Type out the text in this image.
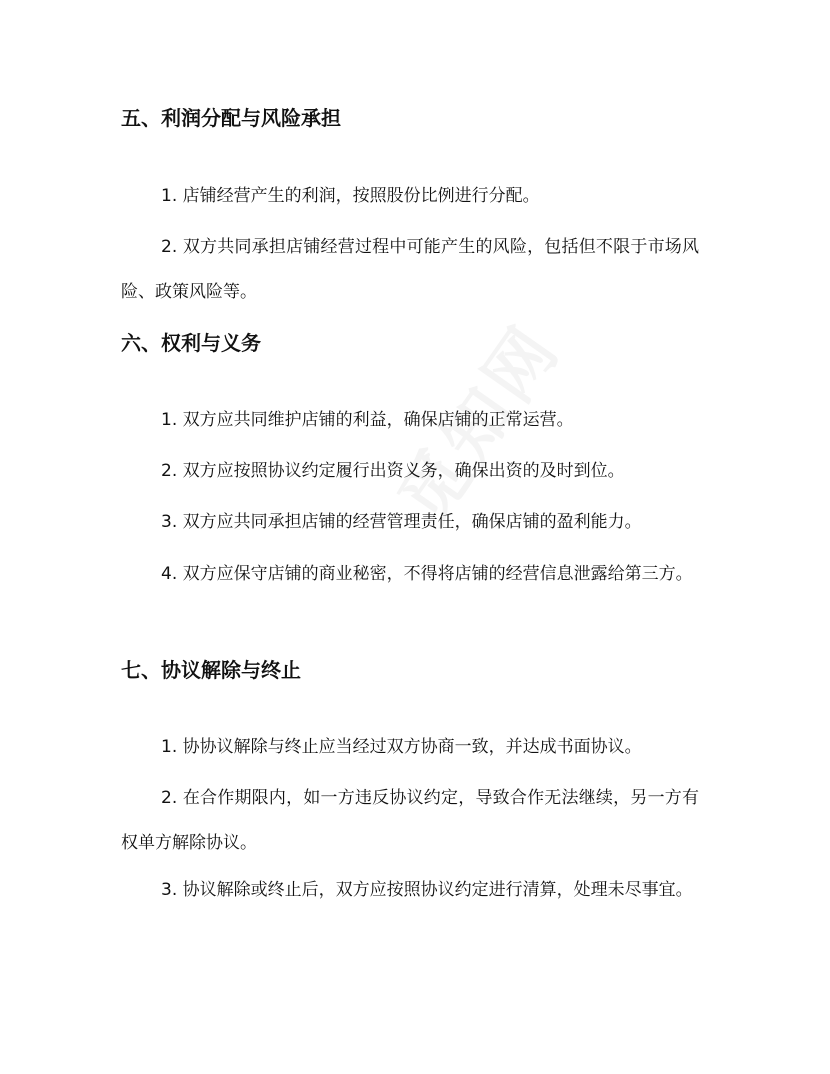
五、利润分配与风险承担

1. 店铺经营产生的利润，按照股份比例进行分配。

2. 双方共同承担店铺经营过程中可能产生的风险，包括但不限于市场风险、政策风险等。

六、权利与义务

1. 双方应共同维护店铺的利益，确保店铺的正常运营。

2. 双方应按照协议约定履行出资义务，确保出资的及时到位。

3. 双方应共同承担店铺的经营管理责任，确保店铺的盈利能力。

4. 双方应保守店铺的商业秘密，不得将店铺的经营信息泄露给第三方。

七、协议解除与终止

1. 协协议解除与终止应当经过双方协商一致，并达成书面协议。

2. 在合作期限内，如一方违反协议约定，导致合作无法继续，另一方有权单方解除协议。

3. 协议解除或终止后，双方应按照协议约定进行清算，处理未尽事宜。
